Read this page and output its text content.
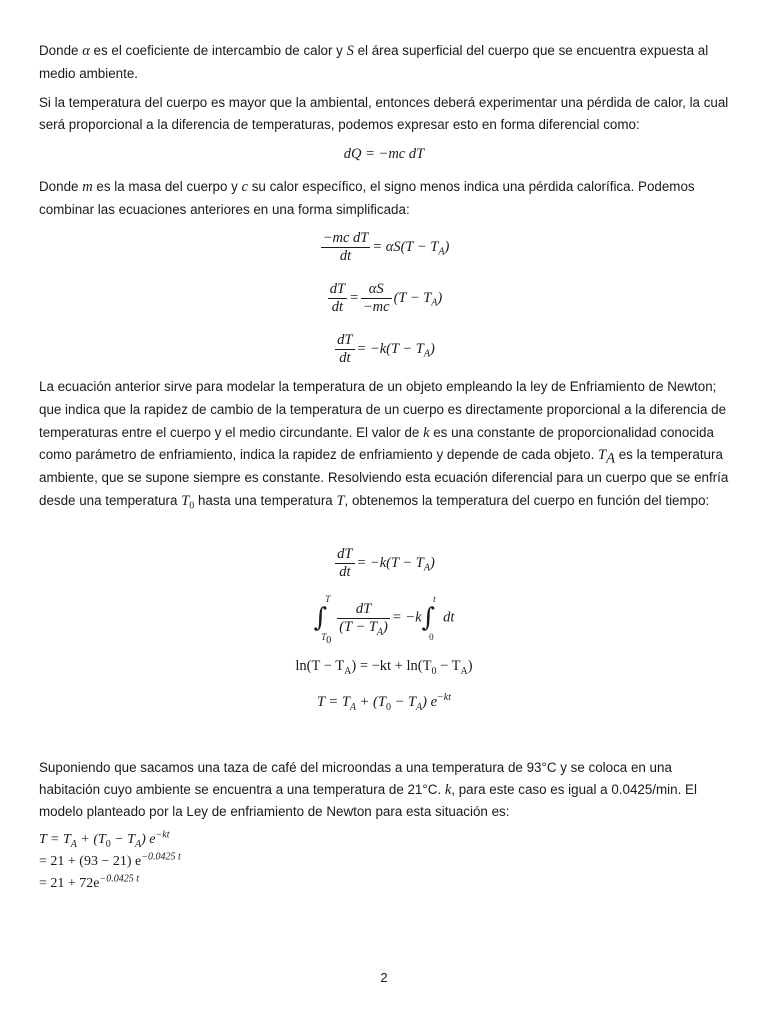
Donde α es el coeficiente de intercambio de calor y S el área superficial del cuerpo que se encuentra expuesta al medio ambiente.
Si la temperatura del cuerpo es mayor que la ambiental, entonces deberá experimentar una pérdida de calor, la cual será proporcional a la diferencia de temperaturas, podemos expresar esto en forma diferencial como:
dQ = −mc dT
Donde m es la masa del cuerpo y c su calor específico, el signo menos indica una pérdida calorífica. Podemos combinar las ecuaciones anteriores en una forma simplificada:
$\frac{\text{−mc dT}}{dt} = \alpha S(T - T_A)$
$\frac{dT}{dt} = \frac{\alpha S}{-mc} (T - T_A)$
$\frac{dT}{dt} = -k(T - T_A)$
La ecuación anterior sirve para modelar la temperatura de un objeto empleando la ley de Enfriamiento de Newton; que indica que la rapidez de cambio de la temperatura de un cuerpo es directamente proporcional a la diferencia de temperaturas entre el cuerpo y el medio circundante. El valor de k es una constante de proporcionalidad conocida como parámetro de enfriamiento, indica la rapidez de enfriamiento y depende de cada objeto. $T_A$ es la temperatura ambiente, que se supone siempre es constante. Resolviendo esta ecuación diferencial para un cuerpo que se enfría desde una temperatura $T_0$ hasta una temperatura T, obtenemos la temperatura del cuerpo en función del tiempo:
$\frac{dT}{dt} = -k(T - T_A)$
∫
T
$T_0$
$\frac{dT}{(T - T_A)} = -k\int$
t
0
dt
$\ln(T - T_A) = -kt + \ln(T_0 - T_A)$
$T = T_A + (T_0 - T_A)$ $e^{-kt}$
Suponiendo que sacamos una taza de café del microondas a una temperatura de 93°C y se coloca en una habitación cuyo ambiente se encuentra a una temperatura de 21°C. k, para este caso es igual a 0.0425/min. El modelo planteado por la Ley de enfriamiento de Newton para esta situación es:
$T = T_A + (T_0 - T_A)$ $e^{-kt}$
= 21 + (93 − 21) $e^{-0.0425 t}$
= $21 + 72e^{-0.0425 t}$
2
